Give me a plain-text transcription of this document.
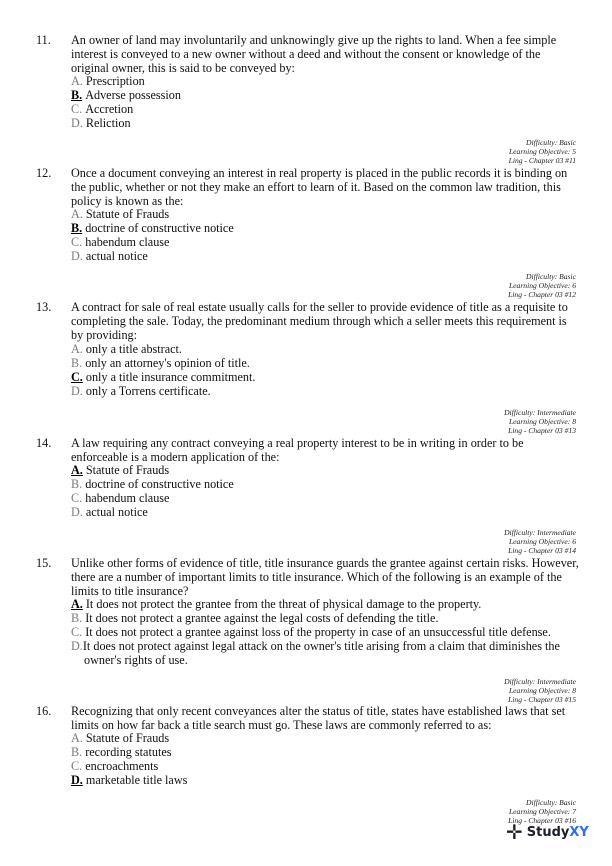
11. An owner of land may involuntarily and unknowingly give up the rights to land. When a fee simple interest is conveyed to a new owner without a deed and without the consent or knowledge of the original owner, this is said to be conveyed by:
A. Prescription
B. Adverse possession
C. Accretion
D. Reliction
Difficulty: Basic
Learning Objective: 5
Ling - Chapter 03 #11
12. Once a document conveying an interest in real property is placed in the public records it is binding on the public, whether or not they make an effort to learn of it. Based on the common law tradition, this policy is known as the:
A. Statute of Frauds
B. doctrine of constructive notice
C. habendum clause
D. actual notice
Difficulty: Basic
Learning Objective: 6
Ling - Chapter 03 #12
13. A contract for sale of real estate usually calls for the seller to provide evidence of title as a requisite to completing the sale. Today, the predominant medium through which a seller meets this requirement is by providing:
A. only a title abstract.
B. only an attorney's opinion of title.
C. only a title insurance commitment.
D. only a Torrens certificate.
Difficulty: Intermediate
Learning Objective: 8
Ling - Chapter 03 #13
14. A law requiring any contract conveying a real property interest to be in writing in order to be enforceable is a modern application of the:
A. Statute of Frauds
B. doctrine of constructive notice
C. habendum clause
D. actual notice
Difficulty: Intermediate
Learning Objective: 6
Ling - Chapter 03 #14
15. Unlike other forms of evidence of title, title insurance guards the grantee against certain risks. However, there are a number of important limits to title insurance. Which of the following is an example of the limits to title insurance?
A. It does not protect the grantee from the threat of physical damage to the property.
B. It does not protect a grantee against the legal costs of defending the title.
C. It does not protect a grantee against loss of the property in case of an unsuccessful title defense.
D.It does not protect against legal attack on the owner's title arising from a claim that diminishes the owner's rights of use.
Difficulty: Intermediate
Learning Objective: 8
Ling - Chapter 03 #15
16. Recognizing that only recent conveyances alter the status of title, states have established laws that set limits on how far back a title search must go. These laws are commonly referred to as:
A. Statute of Frauds
B. recording statutes
C. encroachments
D. marketable title laws
Difficulty: Basic
Learning Objective: 7
Ling - Chapter 03 #16
✛ StudyXY
